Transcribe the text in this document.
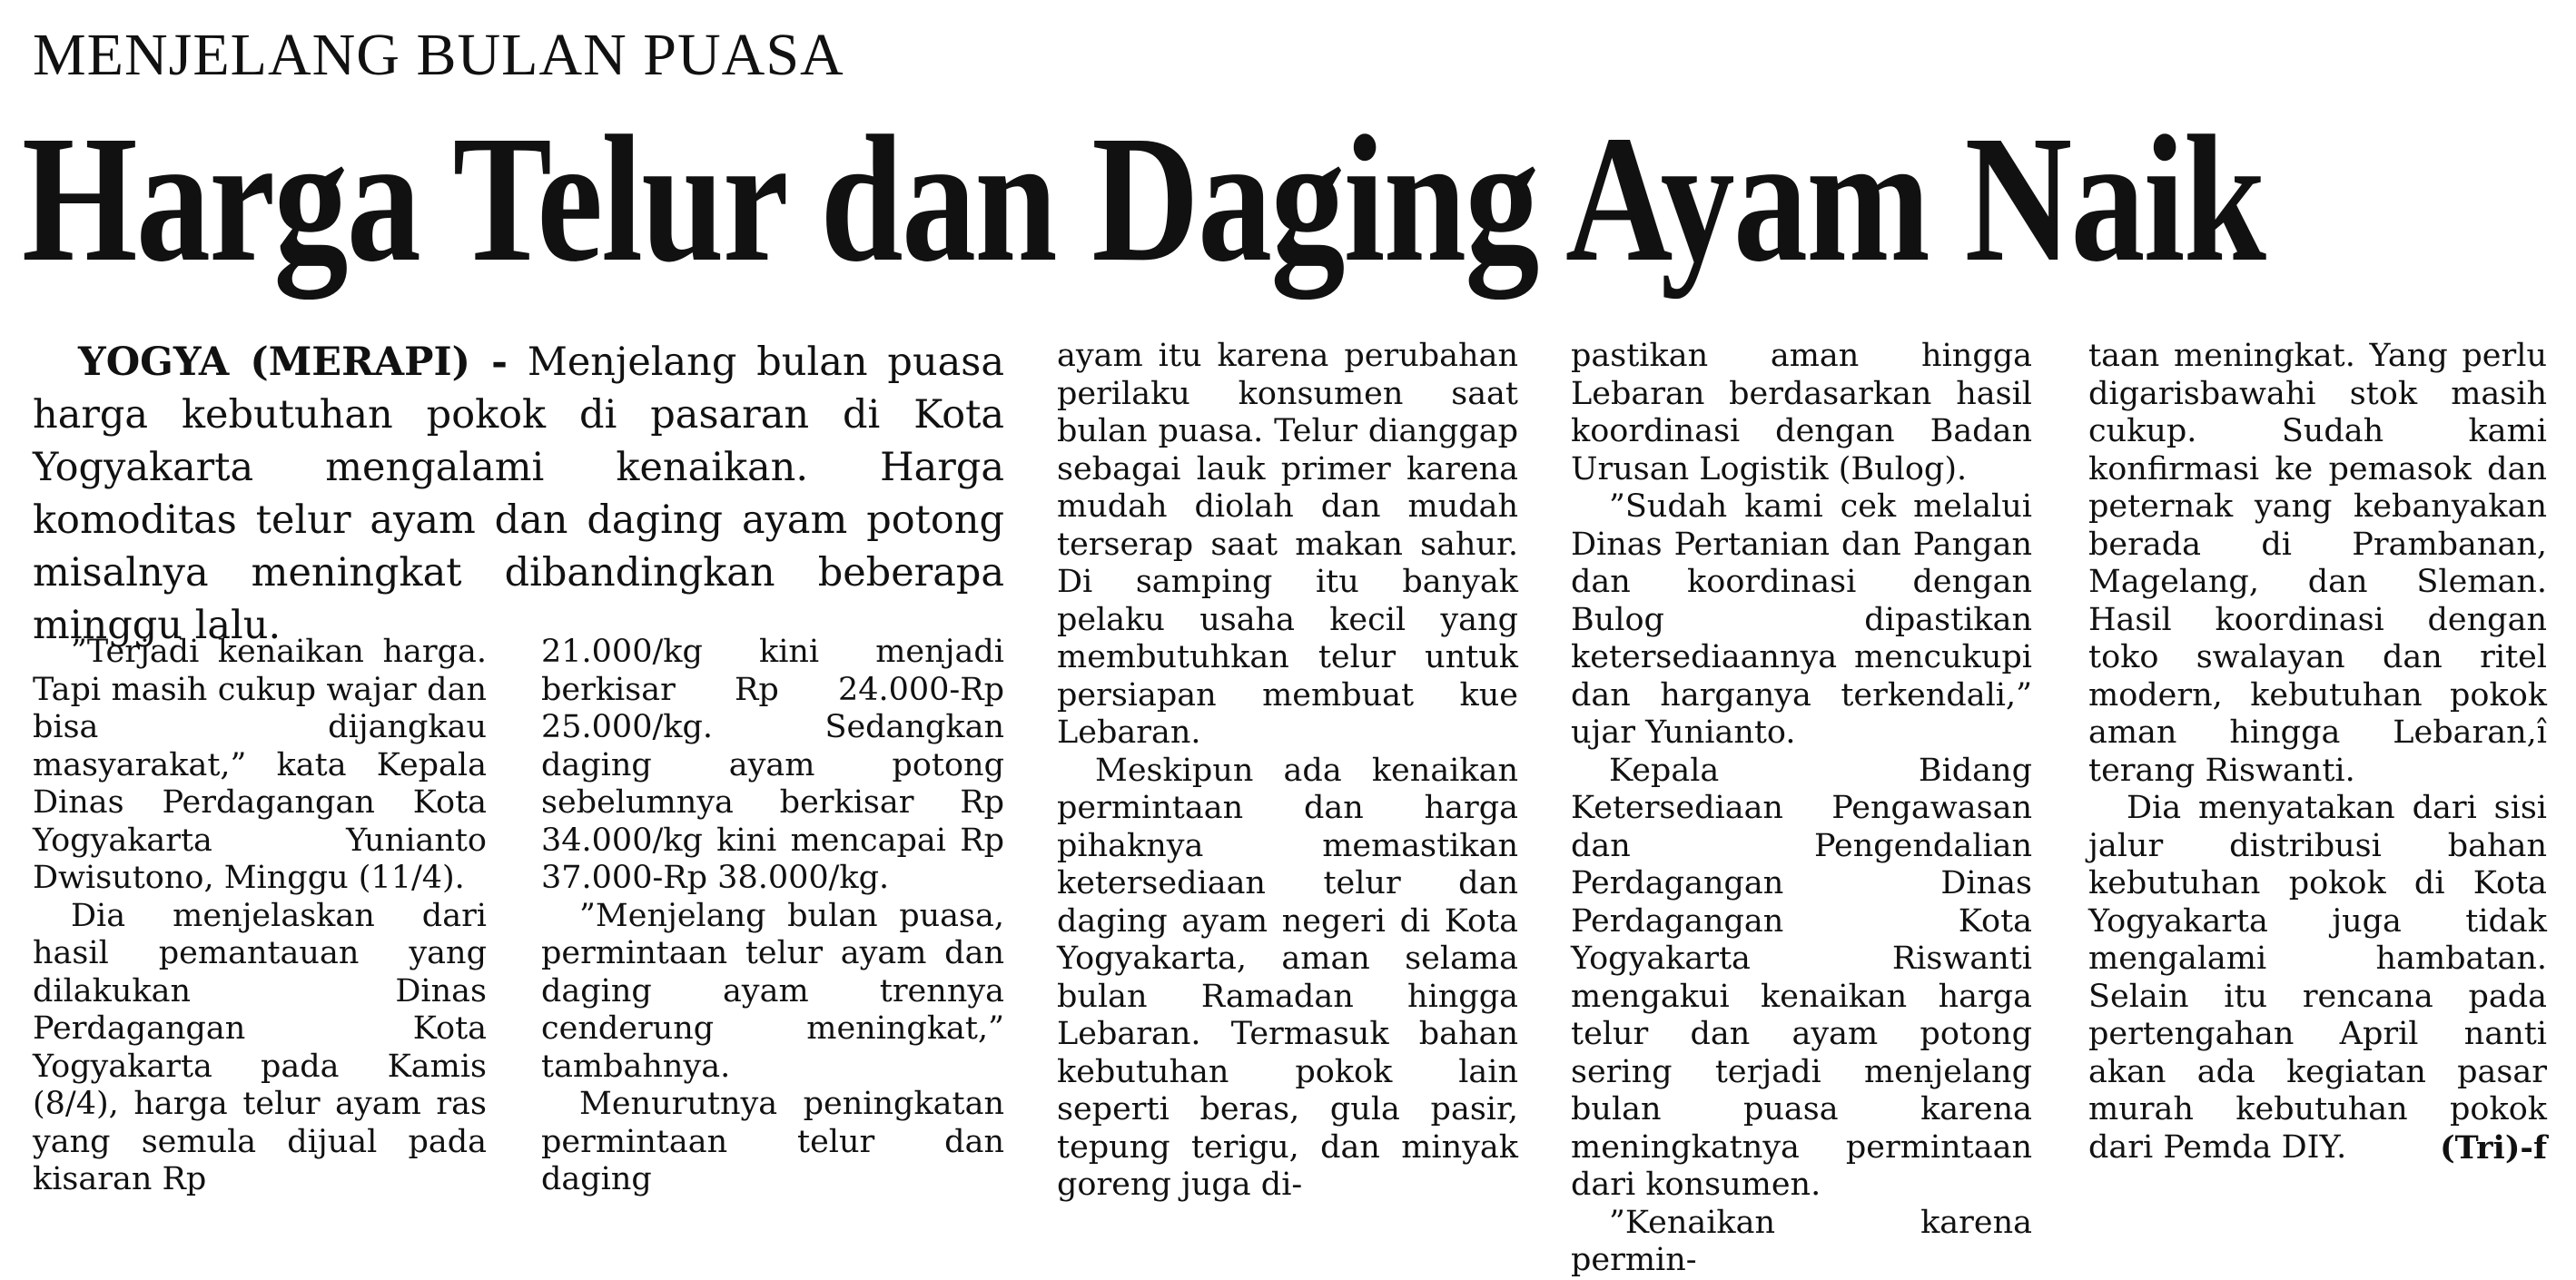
MENJELANG BULAN PUASA
Harga Telur dan Daging Ayam Naik
YOGYA (MERAPI) - Menjelang bulan puasa harga kebutuhan pokok di pasaran di Kota Yogyakarta mengalami kenaikan. Harga komoditas telur ayam dan daging ayam potong misalnya meningkat dibandingkan beberapa minggu lalu.

”Terjadi kenaikan harga. Tapi masih cukup wajar dan bisa dijangkau masyarakat,” kata Kepala Dinas Perdagangan Kota Yogyakarta Yunianto Dwisutono, Minggu (11/4).

Dia menjelaskan dari hasil pemantauan yang dilakukan Dinas Perdagangan Kota Yogyakarta pada Kamis (8/4), harga telur ayam ras yang semula dijual pada kisaran Rp

21.000/kg kini menjadi berkisar Rp 24.000-Rp 25.000/kg. Sedangkan daging ayam potong sebelumnya berkisar Rp 34.000/kg kini mencapai Rp 37.000-Rp 38.000/kg.

”Menjelang bulan puasa, permintaan telur ayam dan daging ayam trennya cenderung meningkat,” tambahnya.

Menurutnya peningkatan permintaan telur dan daging

ayam itu karena perubahan perilaku konsumen saat bulan puasa. Telur dianggap sebagai lauk primer karena mudah diolah dan mudah terserap saat makan sahur. Di samping itu banyak pelaku usaha kecil yang membutuhkan telur untuk persiapan membuat kue Lebaran.

Meskipun ada kenaikan permintaan dan harga pihaknya memastikan ketersediaan telur dan daging ayam negeri di Kota Yogyakarta, aman selama bulan Ramadan hingga Lebaran. Termasuk bahan kebutuhan pokok lain seperti beras, gula pasir, tepung terigu, dan minyak goreng juga di-

pastikan aman hingga Lebaran berdasarkan hasil koordinasi dengan Badan Urusan Logistik (Bulog).

”Sudah kami cek melalui Dinas Pertanian dan Pangan dan koordinasi dengan Bulog dipastikan ketersediaannya mencukupi dan harganya terkendali,” ujar Yunianto.

Kepala Bidang Ketersediaan Pengawasan dan Pengendalian Perdagangan Dinas Perdagangan Kota Yogyakarta Riswanti mengakui kenaikan harga telur dan ayam potong sering terjadi menjelang bulan puasa karena meningkatnya permintaan dari konsumen.

”Kenaikan karena permin-

taan meningkat. Yang perlu digarisbawahi stok masih cukup. Sudah kami konfirmasi ke pemasok dan peternak yang kebanyakan berada di Prambanan, Magelang, dan Sleman. Hasil koordinasi dengan toko swalayan dan ritel modern, kebutuhan pokok aman hingga Lebaran,î terang Riswanti.

Dia menyatakan dari sisi jalur distribusi bahan kebutuhan pokok di Kota Yogyakarta juga tidak mengalami hambatan. Selain itu rencana pada pertengahan April nanti akan ada kegiatan pasar murah kebutuhan pokok dari Pemda DIY.	(Tri)-f
